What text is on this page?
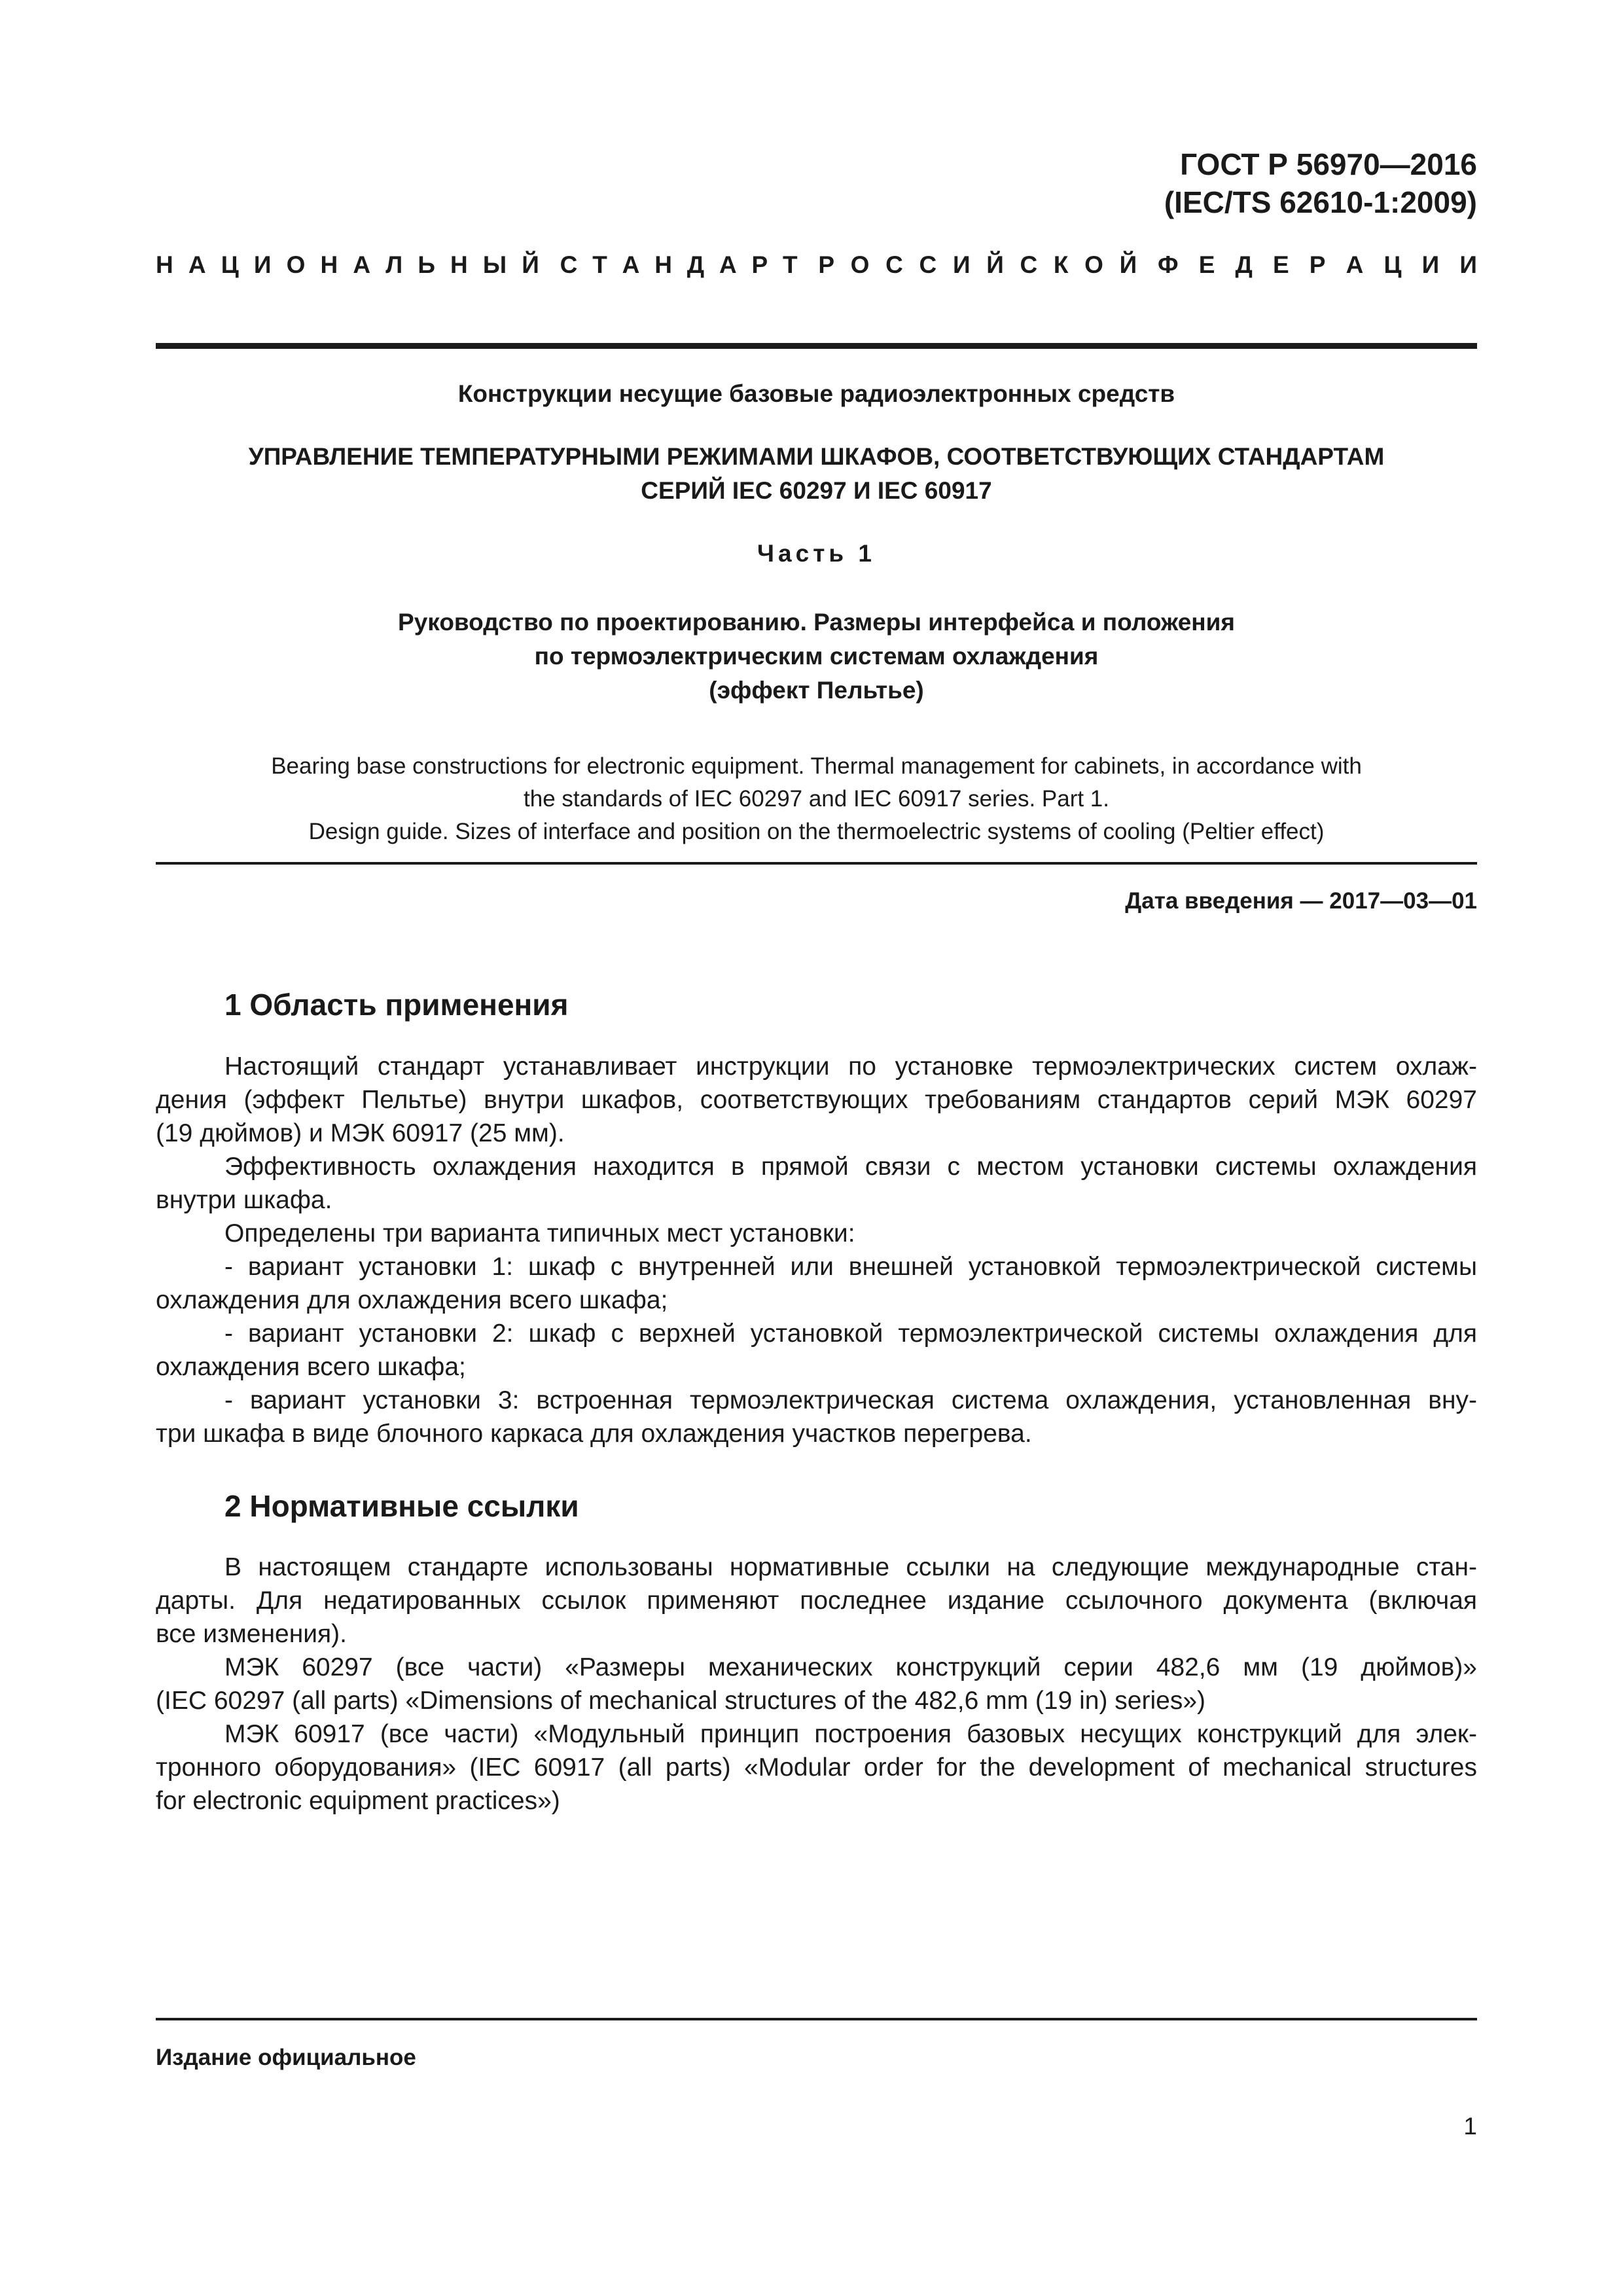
ГОСТ Р 56970—2016
(IEC/TS 62610-1:2009)
Н А Ц И О Н А Л Ь Н Ы Й С Т А Н Д А Р Т Р О С С И Й С К О Й Ф Е Д Е Р А Ц И И
Конструкции несущие базовые радиоэлектронных средств
УПРАВЛЕНИЕ ТЕМПЕРАТУРНЫМИ РЕЖИМАМИ ШКАФОВ, СООТВЕТСТВУЮЩИХ СТАНДАРТАМ
СЕРИЙ IEC 60297 И IEC 60917
Часть 1
Руководство по проектированию. Размеры интерфейса и положения
по термоэлектрическим системам охлаждения
(эффект Пельтье)
Bearing base constructions for electronic equipment. Thermal management for cabinets, in accordance with
the standards of IEC 60297 and IEC 60917 series. Part 1.
Design guide. Sizes of interface and position on the thermoelectric systems of cooling (Peltier effect)
Дата введения — 2017—03—01
1 Область применения
Настоящий стандарт устанавливает инструкции по установке термоэлектрических систем охлаж-
дения (эффект Пельтье) внутри шкафов, соответствующих требованиям стандартов серий МЭК 60297
(19 дюймов) и МЭК 60917 (25 мм).
Эффективность охлаждения находится в прямой связи с местом установки системы охлаждения
внутри шкафа.
Определены три варианта типичных мест установки:
- вариант установки 1: шкаф с внутренней или внешней установкой термоэлектрической системы
охлаждения для охлаждения всего шкафа;
- вариант установки 2: шкаф с верхней установкой термоэлектрической системы охлаждения для
охлаждения всего шкафа;
- вариант установки 3: встроенная термоэлектрическая система охлаждения, установленная вну-
три шкафа в виде блочного каркаса для охлаждения участков перегрева.
2 Нормативные ссылки
В настоящем стандарте использованы нормативные ссылки на следующие международные стан-
дарты. Для недатированных ссылок применяют последнее издание ссылочного документа (включая
все изменения).
МЭК 60297 (все части) «Размеры механических конструкций серии 482,6 мм (19 дюймов)»
(IEC 60297 (all parts) «Dimensions of mechanical structures of the 482,6 mm (19 in) series»)
МЭК 60917 (все части) «Модульный принцип построения базовых несущих конструкций для элек-
тронного оборудования» (IEC 60917 (all parts) «Modular order for the development of mechanical structures
for electronic equipment practices»)
Издание официальное
1
